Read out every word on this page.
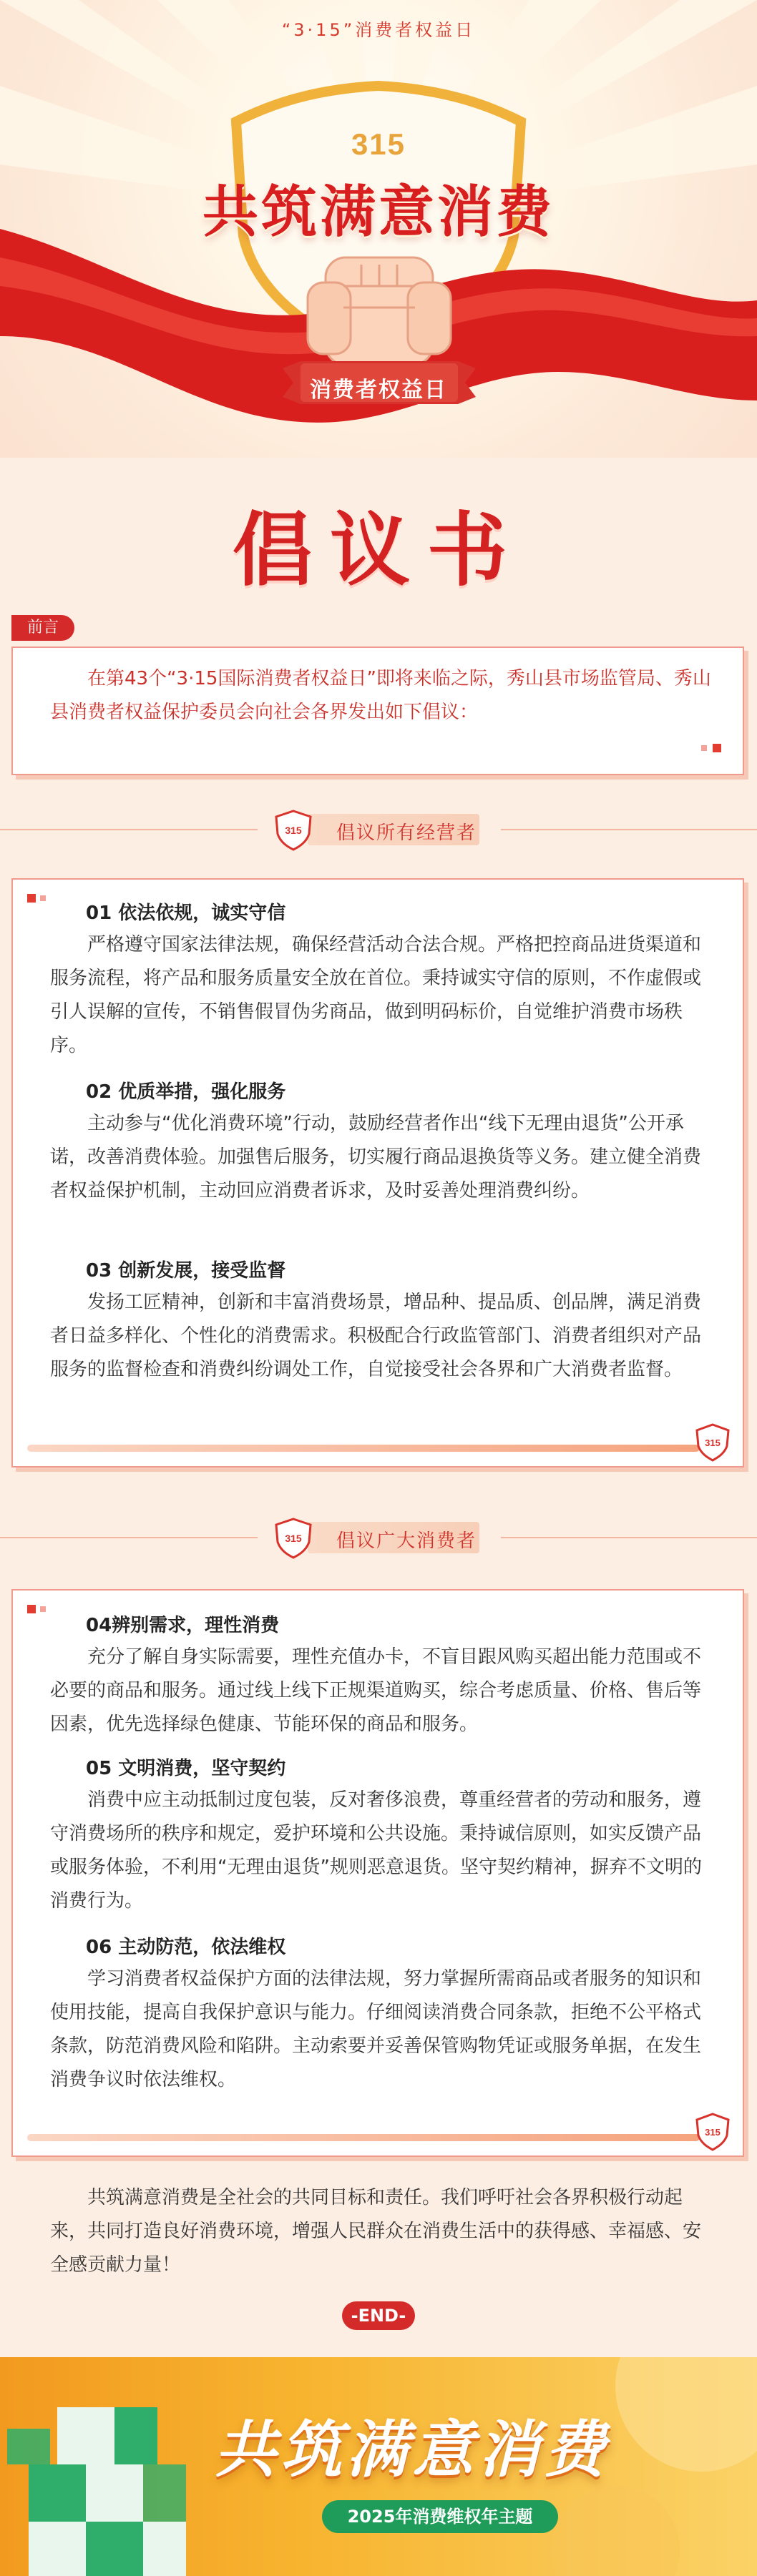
“3·15”消费者权益日
315
共筑满意消费
消费者权益日
倡议书
前言

在第43个“3·15国际消费者权益日”即将来临之际，秀山县市场监管局、秀山县消费者权益保护委员会向社会各界发出如下倡议：

315 倡议所有经营者
315

01 依法依规，诚实守信

严格遵守国家法律法规，确保经营活动合法合规。严格把控商品进货渠道和服务流程，将产品和服务质量安全放在首位。秉持诚实守信的原则，不作虚假或引人误解的宣传，不销售假冒伪劣商品，做到明码标价，自觉维护消费市场秩序。

02 优质举措，强化服务

主动参与“优化消费环境”行动，鼓励经营者作出“线下无理由退货”公开承诺，改善消费体验。加强售后服务，切实履行商品退换货等义务。建立健全消费者权益保护机制，主动回应消费者诉求，及时妥善处理消费纠纷。

03 创新发展，接受监督

发扬工匠精神，创新和丰富消费场景，增品种、提品质、创品牌，满足消费者日益多样化、个性化的消费需求。积极配合行政监管部门、消费者组织对产品服务的监督检查和消费纠纷调处工作，自觉接受社会各界和广大消费者监督。

315 倡议广大消费者
315

04辨别需求，理性消费

充分了解自身实际需要，理性充值办卡，不盲目跟风购买超出能力范围或不必要的商品和服务。通过线上线下正规渠道购买，综合考虑质量、价格、售后等因素，优先选择绿色健康、节能环保的商品和服务。

05 文明消费，坚守契约

消费中应主动抵制过度包装，反对奢侈浪费，尊重经营者的劳动和服务，遵守消费场所的秩序和规定，爱护环境和公共设施。秉持诚信原则，如实反馈产品或服务体验，不利用“无理由退货”规则恶意退货。坚守契约精神，摒弃不文明的消费行为。

06 主动防范，依法维权

学习消费者权益保护方面的法律法规，努力掌握所需商品或者服务的知识和使用技能，提高自我保护意识与能力。仔细阅读消费合同条款，拒绝不公平格式条款，防范消费风险和陷阱。主动索要并妥善保管购物凭证或服务单据，在发生消费争议时依法维权。

共筑满意消费是全社会的共同目标和责任。我们呼吁社会各界积极行动起来，共同打造良好消费环境，增强人民群众在消费生活中的获得感、幸福感、安全感贡献力量！

-END-
共筑满意消费
2025年消费维权年主题
